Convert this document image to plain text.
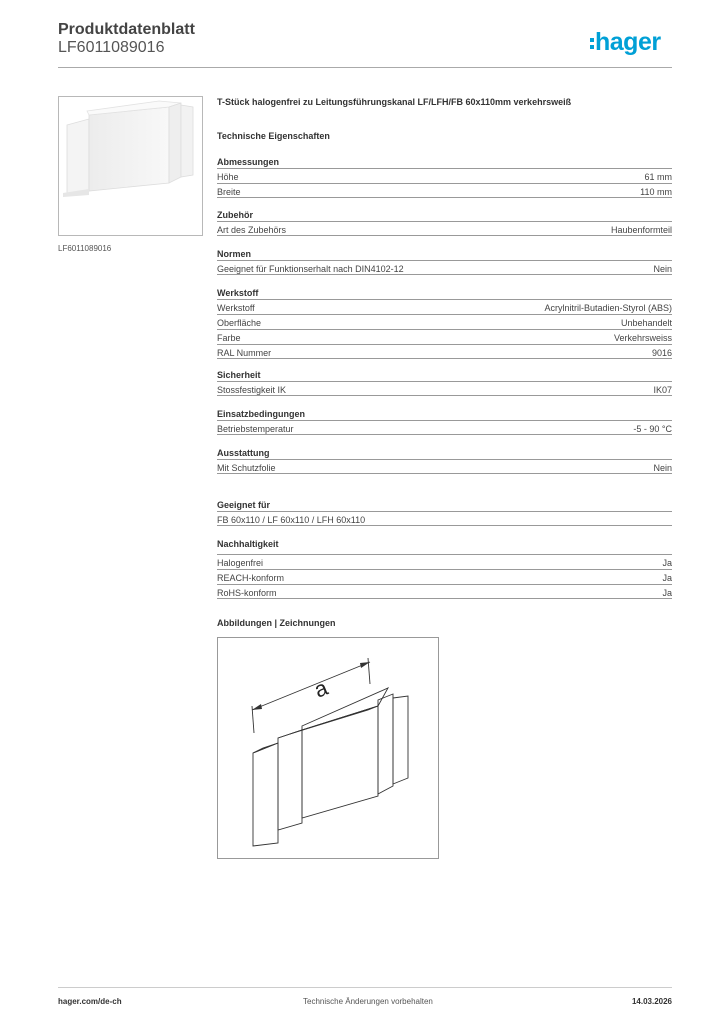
Produktdatenblatt
LF6011089016	hager
LF6011089016
T-Stück halogenfrei zu Leitungsführungskanal LF/LFH/FB 60x110mm verkehrsweiß
Technische Eigenschaften
Abmessungen
Höhe	61 mm
Breite	110 mm
Zubehör
Art des Zubehörs	Haubenformteil
Normen
Geeignet für Funktionserhalt nach DIN4102-12	Nein
Werkstoff
Werkstoff	Acrylnitril-Butadien-Styrol (ABS)
Oberfläche	Unbehandelt
Farbe	Verkehrsweiss
RAL Nummer	9016
Sicherheit
Stossfestigkeit IK	IK07
Einsatzbedingungen
Betriebstemperatur	-5 - 90 °C
Ausstattung
Mit Schutzfolie	Nein
Geeignet für
FB 60x110 / LF 60x110 / LFH 60x110
Nachhaltigkeit
Halogenfrei	Ja
REACH-konform	Ja
RoHS-konform	Ja
Abbildungen | Zeichnungen
a
hager.com/de-ch	Technische Änderungen vorbehalten	14.03.2026
